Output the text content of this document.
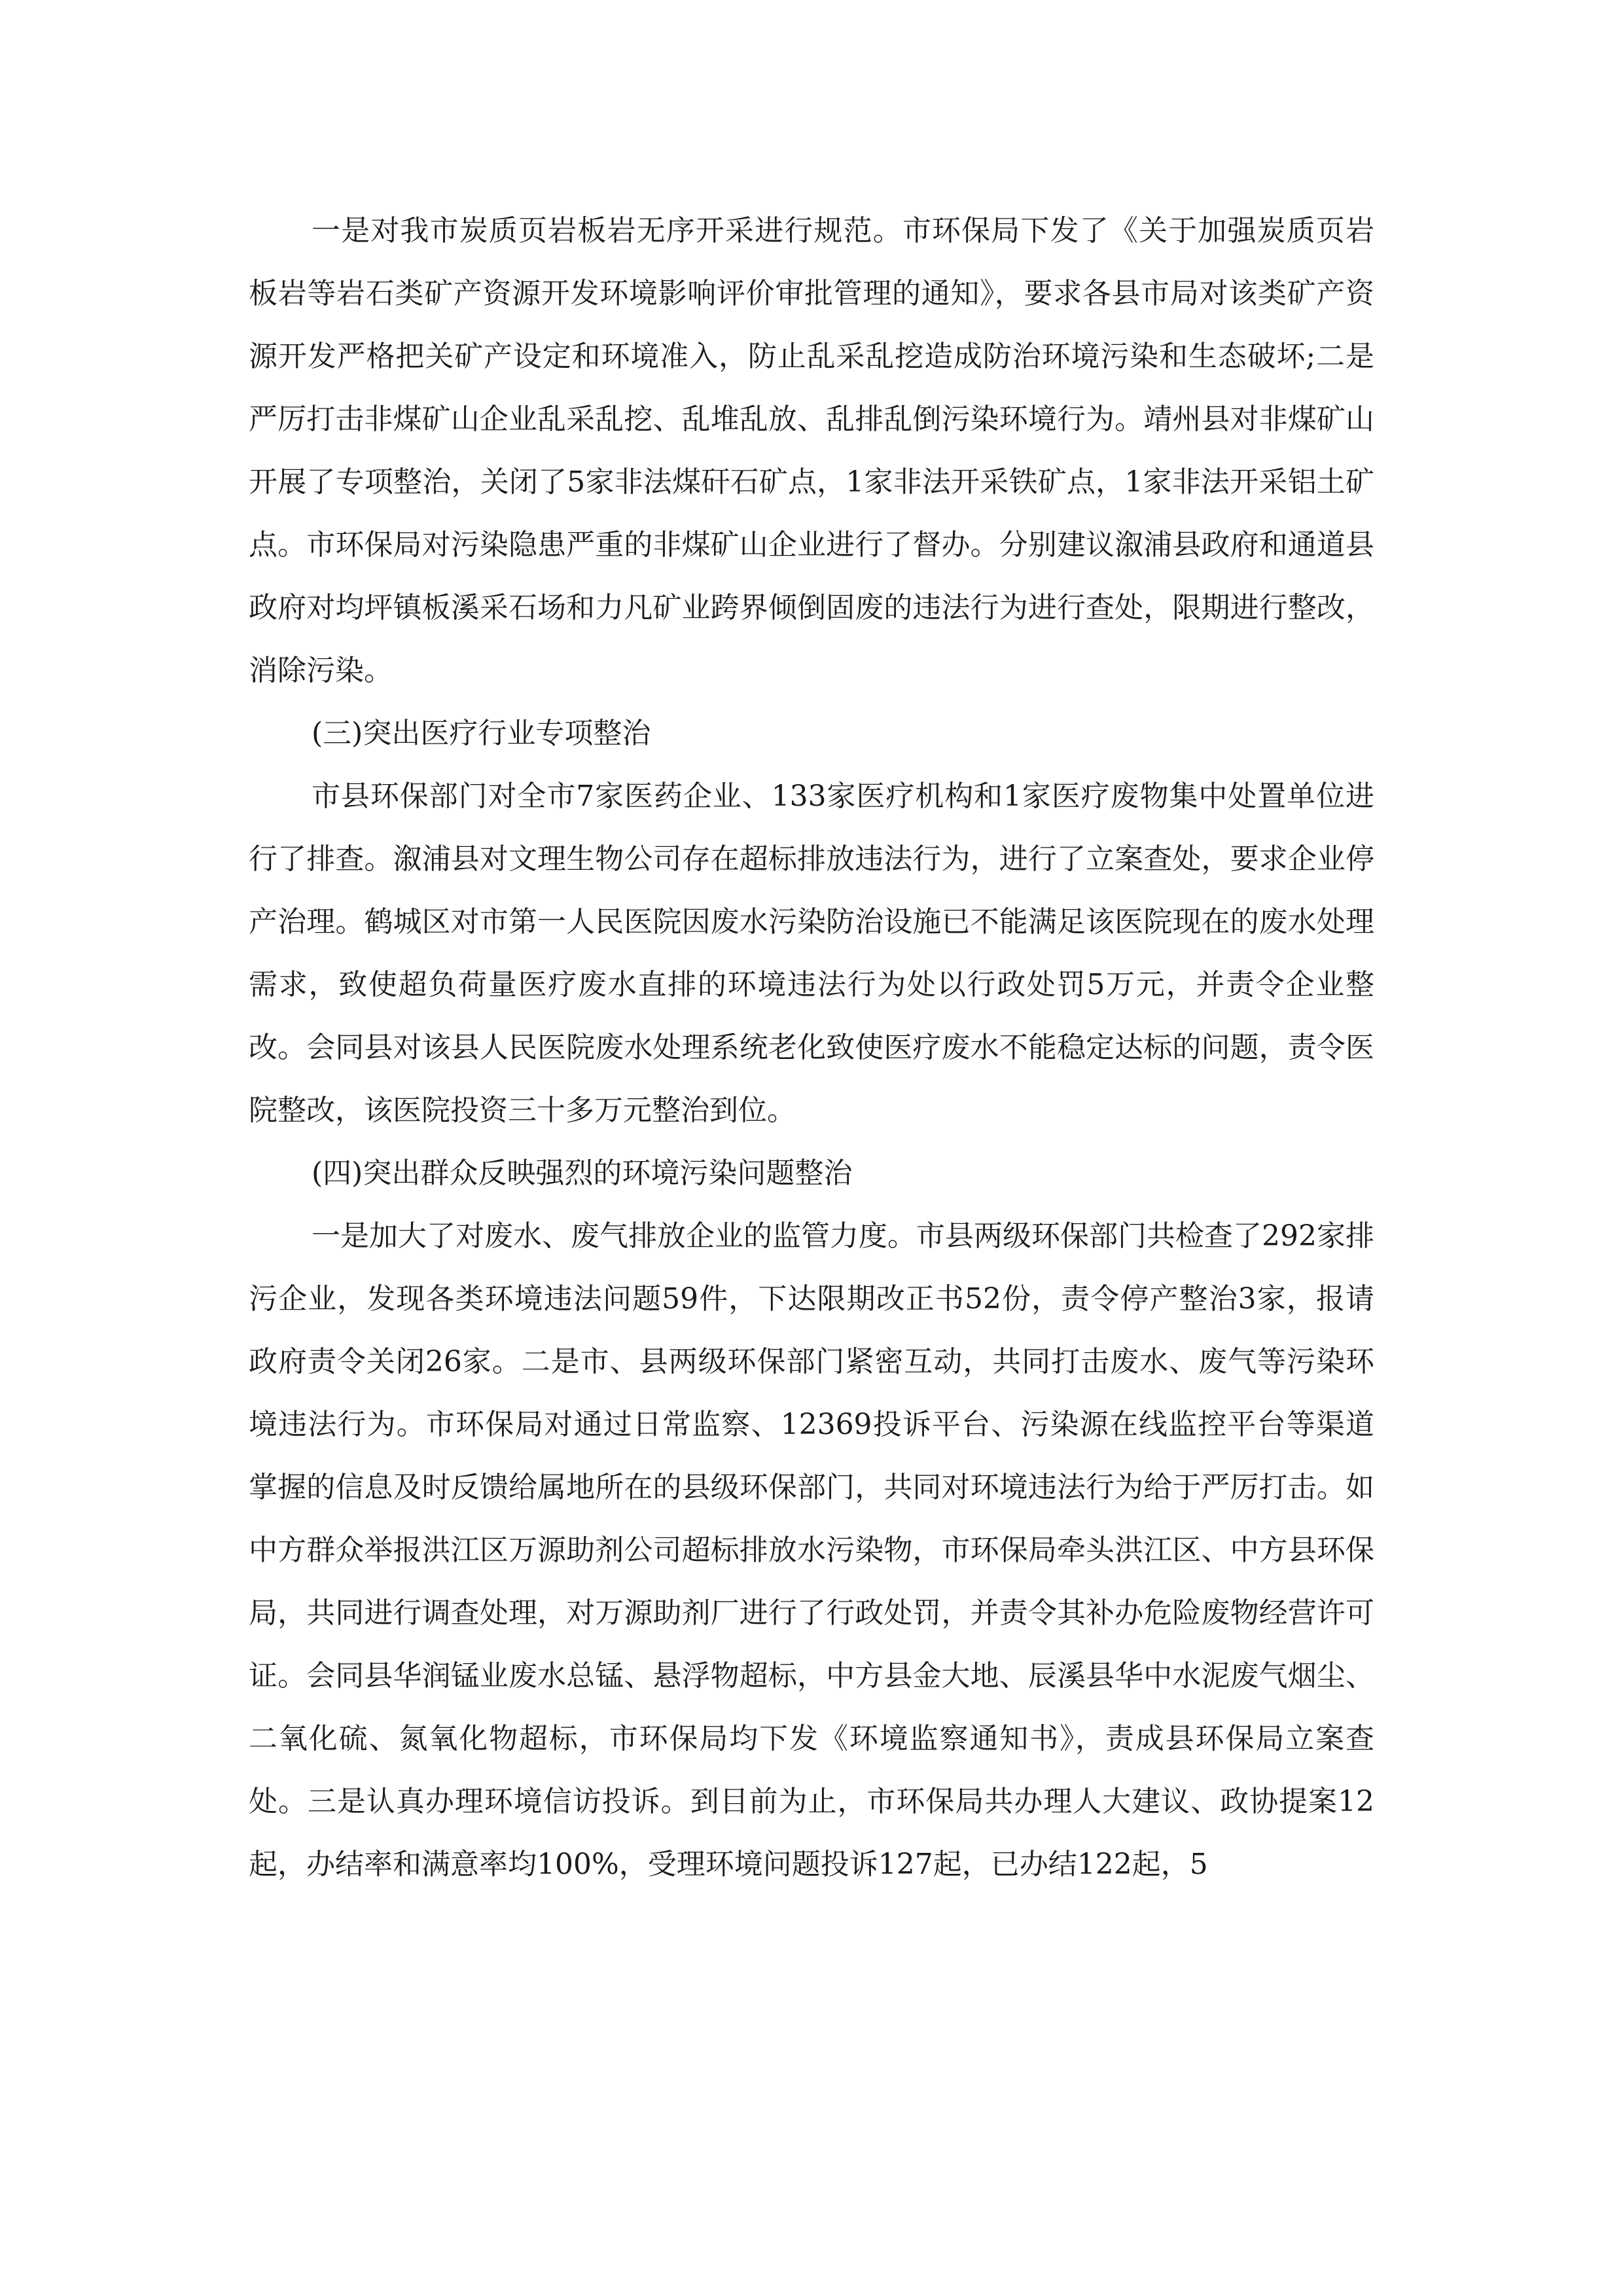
一是对我市炭质页岩板岩无序开采进行规范。市环保局下发了《关于加强炭质页岩板岩等岩石类矿产资源开发环境影响评价审批管理的通知》，要求各县市局对该类矿产资源开发严格把关矿产设定和环境准入，防止乱采乱挖造成防治环境污染和生态破坏;二是严厉打击非煤矿山企业乱采乱挖、乱堆乱放、乱排乱倒污染环境行为。靖州县对非煤矿山开展了专项整治，关闭了5家非法煤矸石矿点，1家非法开采铁矿点，1家非法开采铝土矿点。市环保局对污染隐患严重的非煤矿山企业进行了督办。分别建议溆浦县政府和通道县政府对均坪镇板溪采石场和力凡矿业跨界倾倒固废的违法行为进行查处，限期进行整改，消除污染。

(三)突出医疗行业专项整治

市县环保部门对全市7家医药企业、133家医疗机构和1家医疗废物集中处置单位进行了排查。溆浦县对文理生物公司存在超标排放违法行为，进行了立案查处，要求企业停产治理。鹤城区对市第一人民医院因废水污染防治设施已不能满足该医院现在的废水处理需求，致使超负荷量医疗废水直排的环境违法行为处以行政处罚5万元，并责令企业整改。会同县对该县人民医院废水处理系统老化致使医疗废水不能稳定达标的问题，责令医院整改，该医院投资三十多万元整治到位。

(四)突出群众反映强烈的环境污染问题整治

一是加大了对废水、废气排放企业的监管力度。市县两级环保部门共检查了292家排污企业，发现各类环境违法问题59件，下达限期改正书52份，责令停产整治3家，报请政府责令关闭26家。二是市、县两级环保部门紧密互动，共同打击废水、废气等污染环境违法行为。市环保局对通过日常监察、12369投诉平台、污染源在线监控平台等渠道掌握的信息及时反馈给属地所在的县级环保部门，共同对环境违法行为给于严厉打击。如中方群众举报洪江区万源助剂公司超标排放水污染物，市环保局牵头洪江区、中方县环保局，共同进行调查处理，对万源助剂厂进行了行政处罚，并责令其补办危险废物经营许可证。会同县华润锰业废水总锰、悬浮物超标，中方县金大地、辰溪县华中水泥废气烟尘、二氧化硫、氮氧化物超标，市环保局均下发《环境监察通知书》，责成县环保局立案查处。三是认真办理环境信访投诉。到目前为止，市环保局共办理人大建议、政协提案12起，办结率和满意率均100%，受理环境问题投诉127起，已办结122起，5
